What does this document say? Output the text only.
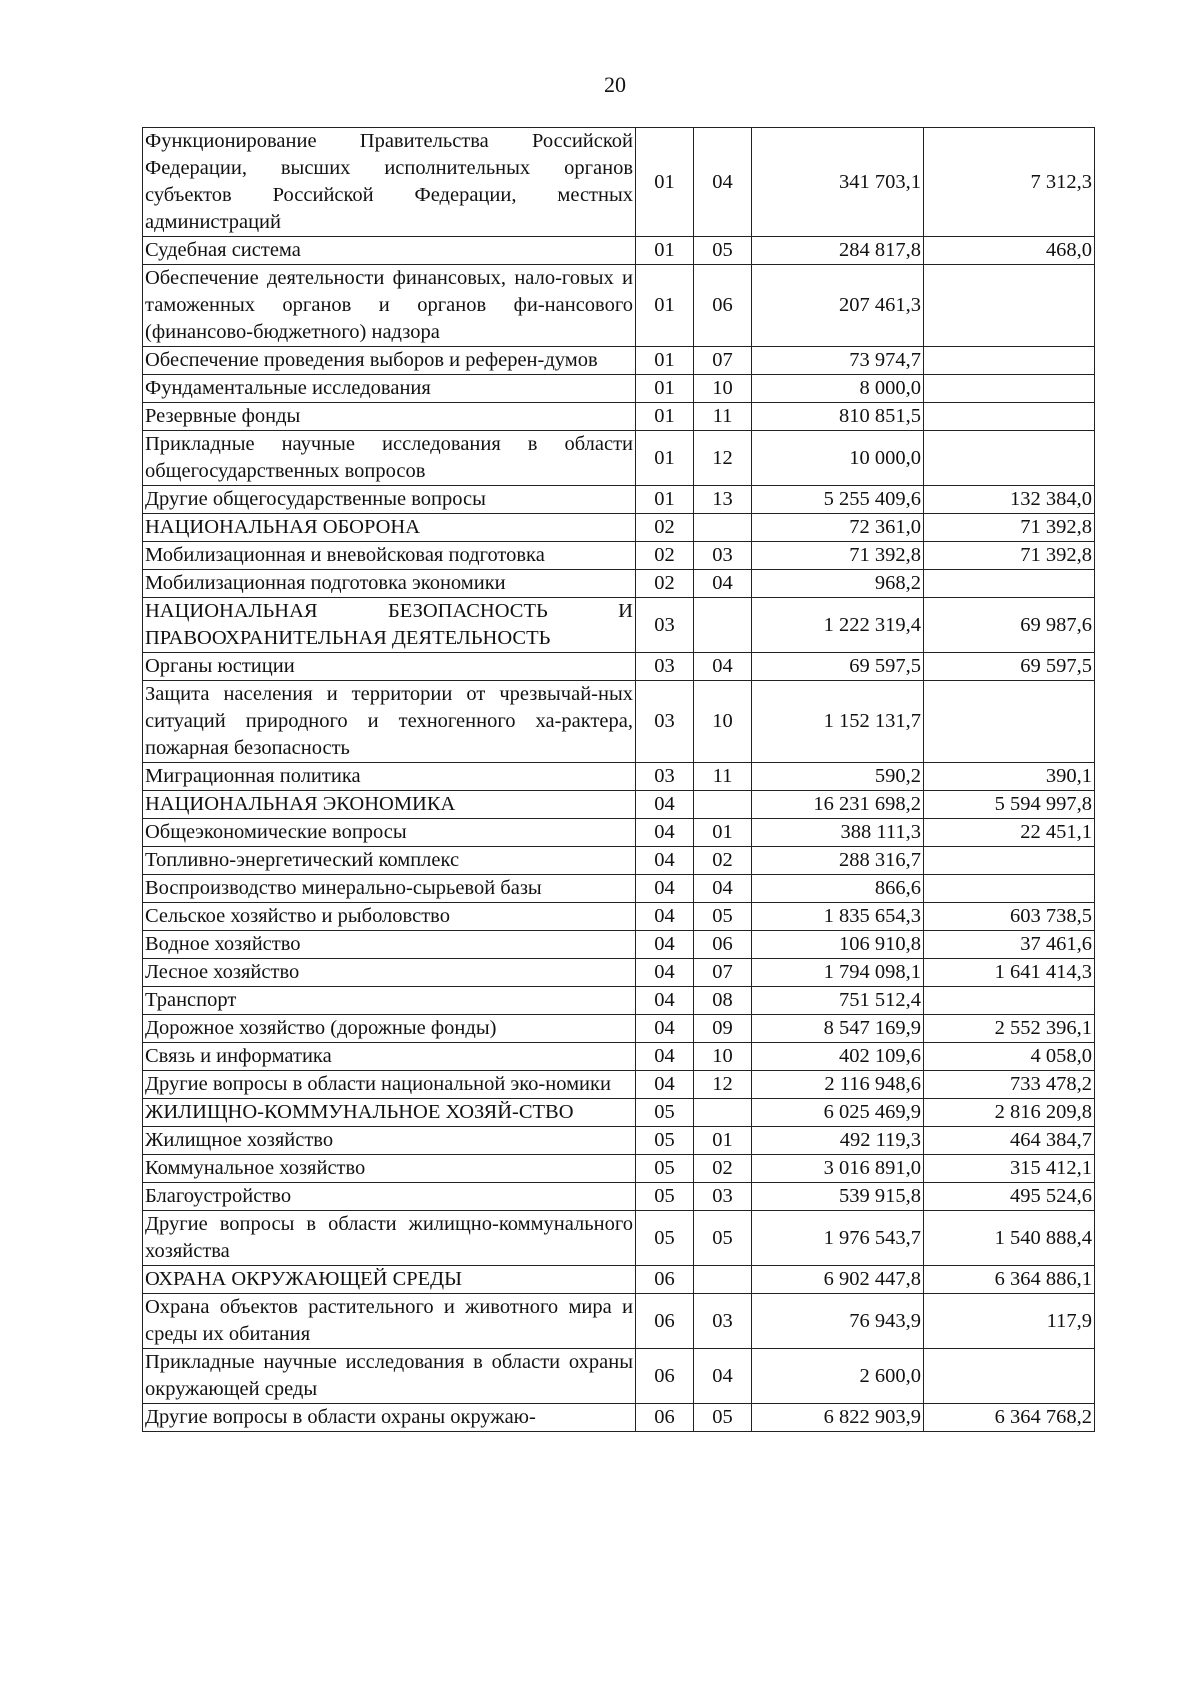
20
Функционирование Правительства Российской Федерации, высших исполнительных органов субъектов Российской Федерации, местных администраций	01	04	341 703,1	7 312,3
Судебная система	01	05	284 817,8	468,0
Обеспечение деятельности финансовых, нало-говых и таможенных органов и органов фи-нансового (финансово-бюджетного) надзора	01	06	207 461,3	
Обеспечение проведения выборов и референ-думов	01	07	73 974,7	
Фундаментальные исследования	01	10	8 000,0	
Резервные фонды	01	11	810 851,5	
Прикладные научные исследования в области общегосударственных вопросов	01	12	10 000,0	
Другие общегосударственные вопросы	01	13	5 255 409,6	132 384,0
НАЦИОНАЛЬНАЯ ОБОРОНА	02		72 361,0	71 392,8
Мобилизационная и вневойсковая подготовка	02	03	71 392,8	71 392,8
Мобилизационная подготовка экономики	02	04	968,2	
НАЦИОНАЛЬНАЯ БЕЗОПАСНОСТЬ И ПРАВООХРАНИТЕЛЬНАЯ ДЕЯТЕЛЬНОСТЬ	03		1 222 319,4	69 987,6
Органы юстиции	03	04	69 597,5	69 597,5
Защита населения и территории от чрезвычай-ных ситуаций природного и техногенного ха-рактера, пожарная безопасность	03	10	1 152 131,7	
Миграционная политика	03	11	590,2	390,1
НАЦИОНАЛЬНАЯ ЭКОНОМИКА	04		16 231 698,2	5 594 997,8
Общеэкономические вопросы	04	01	388 111,3	22 451,1
Топливно-энергетический комплекс	04	02	288 316,7	
Воспроизводство минерально-сырьевой базы	04	04	866,6	
Сельское хозяйство и рыболовство	04	05	1 835 654,3	603 738,5
Водное хозяйство	04	06	106 910,8	37 461,6
Лесное хозяйство	04	07	1 794 098,1	1 641 414,3
Транспорт	04	08	751 512,4	
Дорожное хозяйство (дорожные фонды)	04	09	8 547 169,9	2 552 396,1
Связь и информатика	04	10	402 109,6	4 058,0
Другие вопросы в области национальной эко-номики	04	12	2 116 948,6	733 478,2
ЖИЛИЩНО-КОММУНАЛЬНОЕ ХОЗЯЙ-СТВО	05		6 025 469,9	2 816 209,8
Жилищное хозяйство	05	01	492 119,3	464 384,7
Коммунальное хозяйство	05	02	3 016 891,0	315 412,1
Благоустройство	05	03	539 915,8	495 524,6
Другие вопросы в области жилищно-коммунального хозяйства	05	05	1 976 543,7	1 540 888,4
ОХРАНА ОКРУЖАЮЩЕЙ СРЕДЫ	06		6 902 447,8	6 364 886,1
Охрана объектов растительного и животного мира и среды их обитания	06	03	76 943,9	117,9
Прикладные научные исследования в области охраны окружающей среды	06	04	2 600,0	
Другие вопросы в области охраны окружаю-	06	05	6 822 903,9	6 364 768,2
